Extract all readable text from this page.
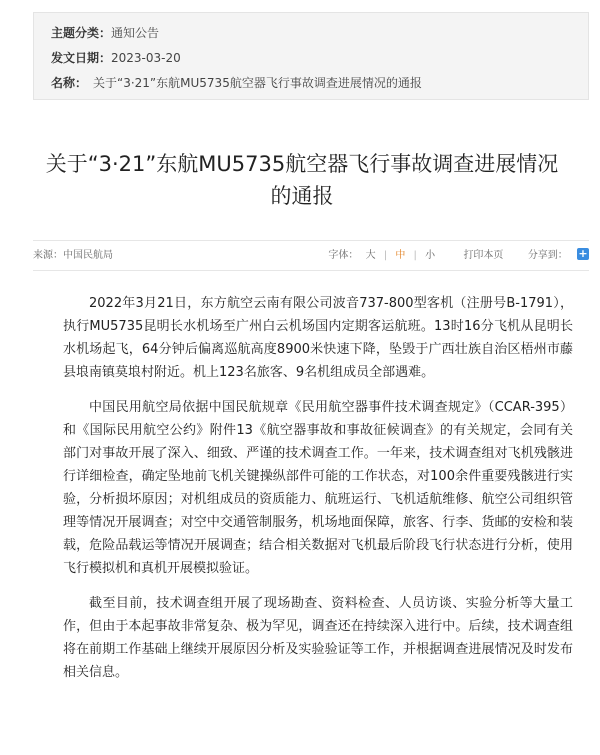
主题分类：通知公告
发文日期：2023-03-20
名称： 关于“3·21”东航MU5735航空器飞行事故调查进展情况的通报
关于“3·21”东航MU5735航空器飞行事故调查进展情况
的通报
来源：中国民航局	字体： 大 | 中 | 小	打印本页 分享到： +

2022年3月21日，东方航空云南有限公司波音737-800型客机（注册号B-1791），执行MU5735昆明长水机场至广州白云机场国内定期客运航班。13时16分飞机从昆明长水机场起飞，64分钟后偏离巡航高度8900米快速下降，坠毁于广西壮族自治区梧州市藤县埌南镇莫埌村附近。机上123名旅客、9名机组成员全部遇难。

中国民用航空局依据中国民航规章《民用航空器事件技术调查规定》（CCAR-395）和《国际民用航空公约》附件13《航空器事故和事故征候调查》的有关规定，会同有关部门对事故开展了深入、细致、严谨的技术调查工作。一年来，技术调查组对飞机残骸进行详细检查，确定坠地前飞机关键操纵部件可能的工作状态，对100余件重要残骸进行实验，分析损坏原因；对机组成员的资质能力、航班运行、飞机适航维修、航空公司组织管理等情况开展调查；对空中交通管制服务，机场地面保障，旅客、行李、货邮的安检和装载，危险品载运等情况开展调查；结合相关数据对飞机最后阶段飞行状态进行分析，使用飞行模拟机和真机开展模拟验证。

截至目前，技术调查组开展了现场勘查、资料检查、人员访谈、实验分析等大量工作，但由于本起事故非常复杂、极为罕见，调查还在持续深入进行中。后续，技术调查组将在前期工作基础上继续开展原因分析及实验验证等工作，并根据调查进展情况及时发布相关信息。
